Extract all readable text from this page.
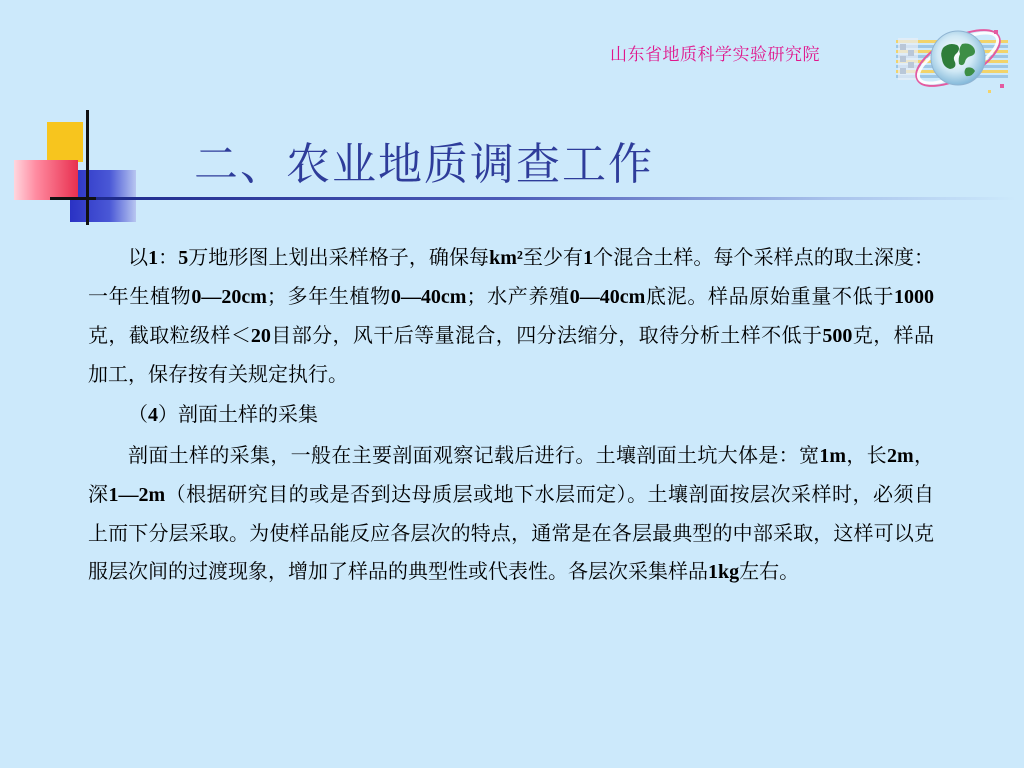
山东省地质科学实验研究院
二、农业地质调查工作

以1：5万地形图上划出采样格子，确保每km²至少有1个混合土样。每个采样点的取土深度：一年生植物0—20cm；多年生植物0—40cm；水产养殖0—40cm底泥。样品原始重量不低于1000克，截取粒级样＜20目部分，风干后等量混合，四分法缩分，取待分析土样不低于500克，样品加工，保存按有关规定执行。

（4）剖面土样的采集

剖面土样的采集，一般在主要剖面观察记载后进行。土壤剖面土坑大体是：宽1m，长2m，深1—2m（根据研究目的或是否到达母质层或地下水层而定）。土壤剖面按层次采样时，必须自上而下分层采取。为使样品能反应各层次的特点，通常是在各层最典型的中部采取，这样可以克服层次间的过渡现象，增加了样品的典型性或代表性。各层次采集样品1kg左右。
